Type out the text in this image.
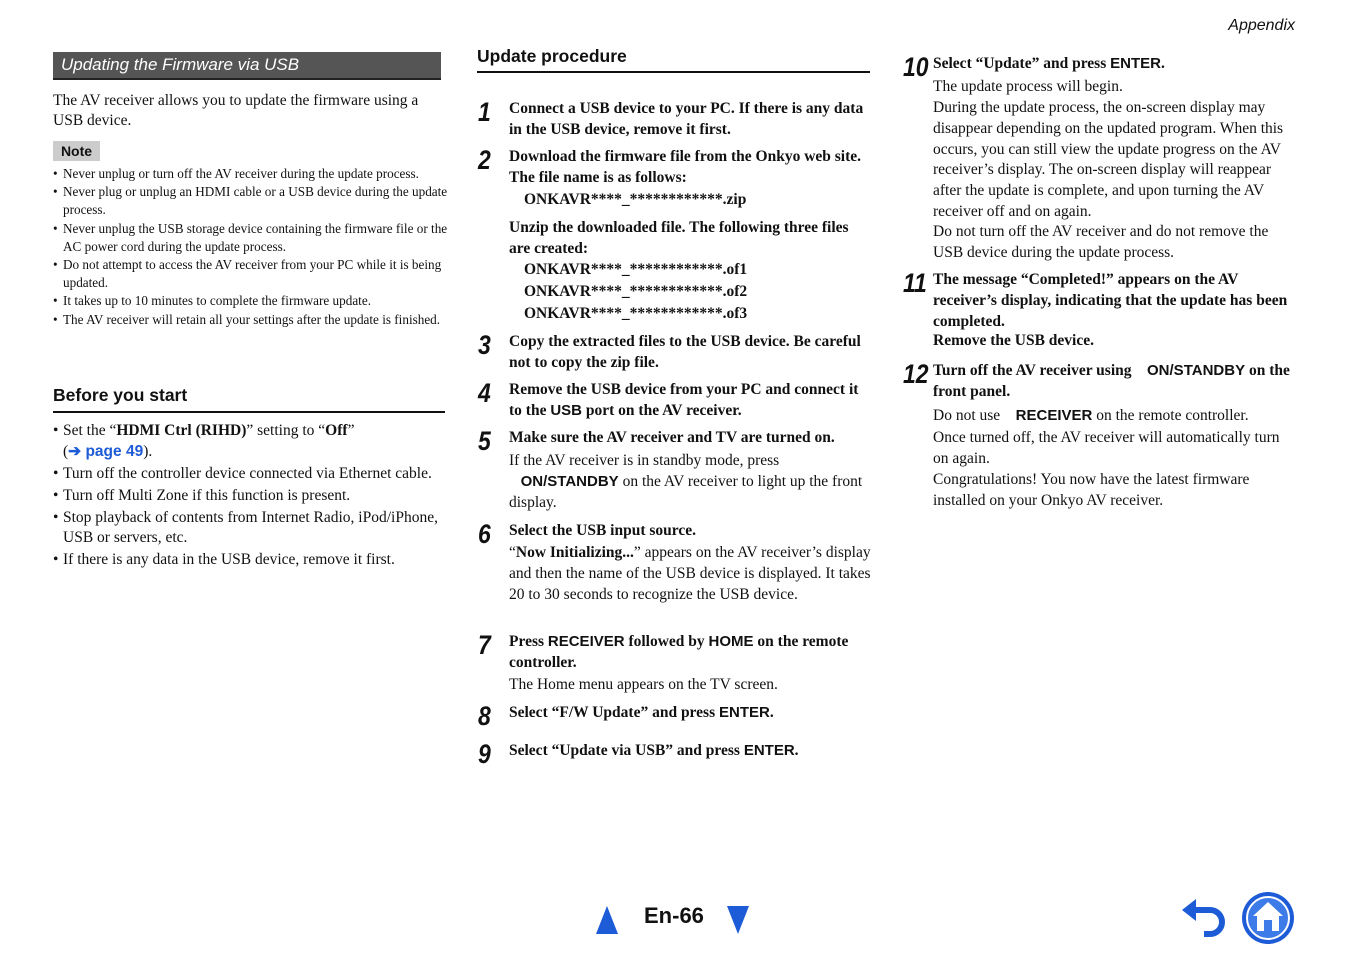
Appendix
Updating the Firmware via USB
The AV receiver allows you to update the firmware using a USB device.
Note
• Never unplug or turn off the AV receiver during the update process.
• Never plug or unplug an HDMI cable or a USB device during the update process.
• Never unplug the USB storage device containing the firmware file or the AC power cord during the update process.
• Do not attempt to access the AV receiver from your PC while it is being updated.
• It takes up to 10 minutes to complete the firmware update.
• The AV receiver will retain all your settings after the update is finished.
Before you start
• Set the “HDMI Ctrl (RIHD)” setting to “Off”
(➔ page 49).
• Turn off the controller device connected via Ethernet cable.
• Turn off Multi Zone if this function is present.
• Stop playback of contents from Internet Radio, iPod/iPhone, USB or servers, etc.
• If there is any data in the USB device, remove it first.
Update procedure
1 Connect a USB device to your PC. If there is any data in the USB device, remove it first.
2 Download the firmware file from the Onkyo web site. The file name is as follows:
ONKAVR****_************.zip
Unzip the downloaded file. The following three files are created:
ONKAVR****_************.of1
ONKAVR****_************.of2
ONKAVR****_************.of3
3 Copy the extracted files to the USB device. Be careful not to copy the zip file.
4 Remove the USB device from your PC and connect it to the USB port on the AV receiver.
5 Make sure the AV receiver and TV are turned on.
If the AV receiver is in standby mode, press
ON/STANDBY on the AV receiver to light up the front display.
6 Select the USB input source.
“Now Initializing...” appears on the AV receiver’s display and then the name of the USB device is displayed. It takes 20 to 30 seconds to recognize the USB device.
7 Press RECEIVER followed by HOME on the remote controller.
The Home menu appears on the TV screen.
8 Select “F/W Update” and press ENTER.
9 Select “Update via USB” and press ENTER.
10 Select “Update” and press ENTER.
The update process will begin.
During the update process, the on-screen display may disappear depending on the updated program. When this occurs, you can still view the update progress on the AV receiver’s display. The on-screen display will reappear after the update is complete, and upon turning the AV receiver off and on again.
Do not turn off the AV receiver and do not remove the USB device during the update process.
11 The message “Completed!” appears on the AV receiver’s display, indicating that the update has been completed.
Remove the USB device.
12 Turn off the AV receiver using    ON/STANDBY on the front panel.
Do not use    RECEIVER on the remote controller.
Once turned off, the AV receiver will automatically turn on again.
Congratulations! You now have the latest firmware installed on your Onkyo AV receiver.
En-66
